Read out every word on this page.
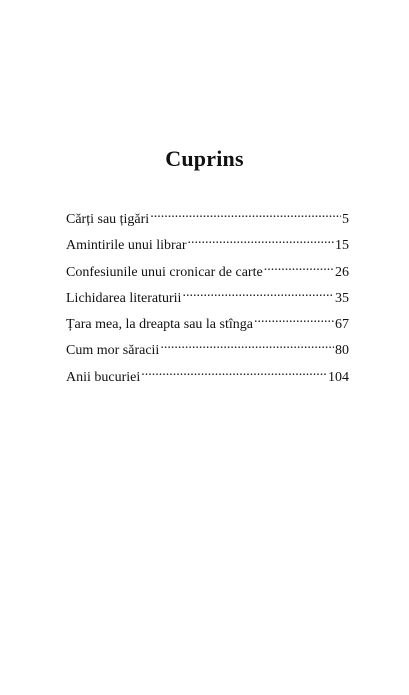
Cuprins
Cărți sau țigări .....	5
Amintirile unui librar .....	15
Confesiunile unui cronicar de carte .....	26
Lichidarea literaturii .....	35
Țara mea, la dreapta sau la stînga .....	67
Cum mor săracii .....	80
Anii bucuriei .....	104
